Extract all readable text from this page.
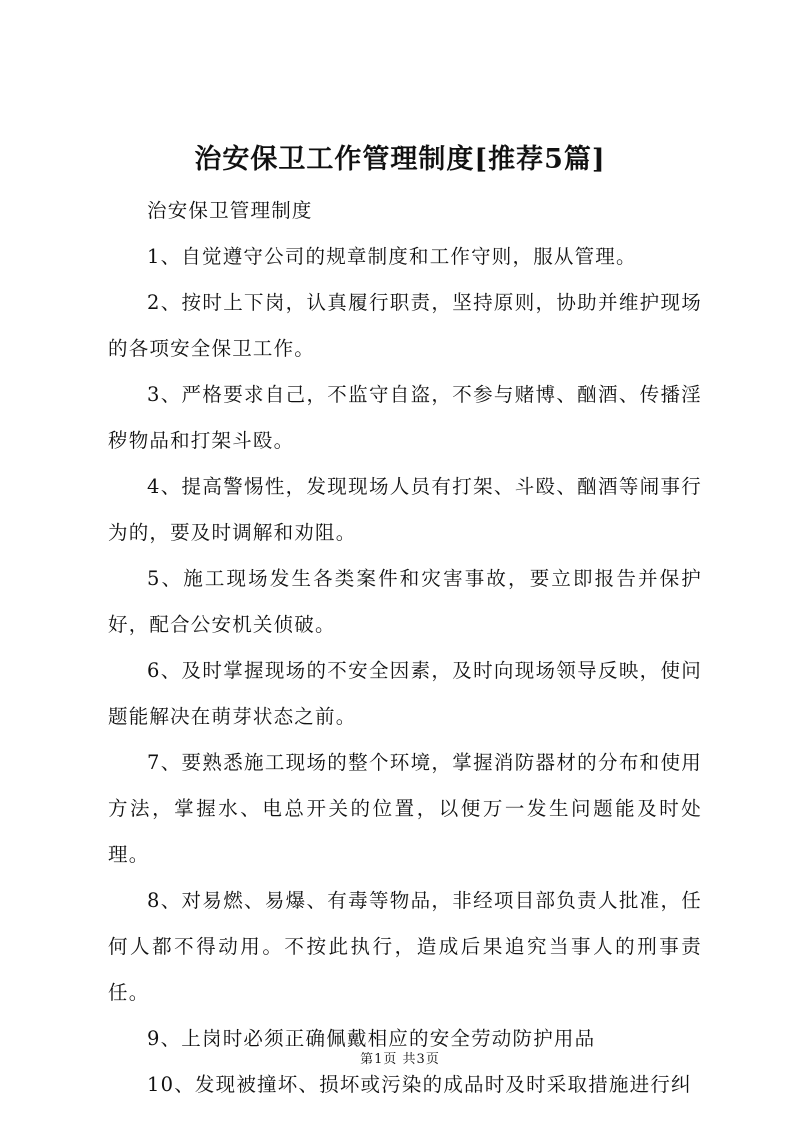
治安保卫工作管理制度[推荐5篇]

治安保卫管理制度

1、自觉遵守公司的规章制度和工作守则，服从管理。

2、按时上下岗，认真履行职责，坚持原则，协助并维护现场的各项安全保卫工作。

3、严格要求自己，不监守自盗，不参与赌博、酗酒、传播淫秽物品和打架斗殴。

4、提高警惕性，发现现场人员有打架、斗殴、酗酒等闹事行为的，要及时调解和劝阻。

5、施工现场发生各类案件和灾害事故，要立即报告并保护好，配合公安机关侦破。

6、及时掌握现场的不安全因素，及时向现场领导反映，使问题能解决在萌芽状态之前。

7、要熟悉施工现场的整个环境，掌握消防器材的分布和使用方法，掌握水、电总开关的位置，以便万一发生问题能及时处理。

8、对易燃、易爆、有毒等物品，非经项目部负责人批准，任何人都不得动用。不按此执行，造成后果追究当事人的刑事责任。

9、上岗时必须正确佩戴相应的安全劳动防护用品

10、发现被撞坏、损坏或污染的成品时及时采取措施进行纠

第1页 共3页
